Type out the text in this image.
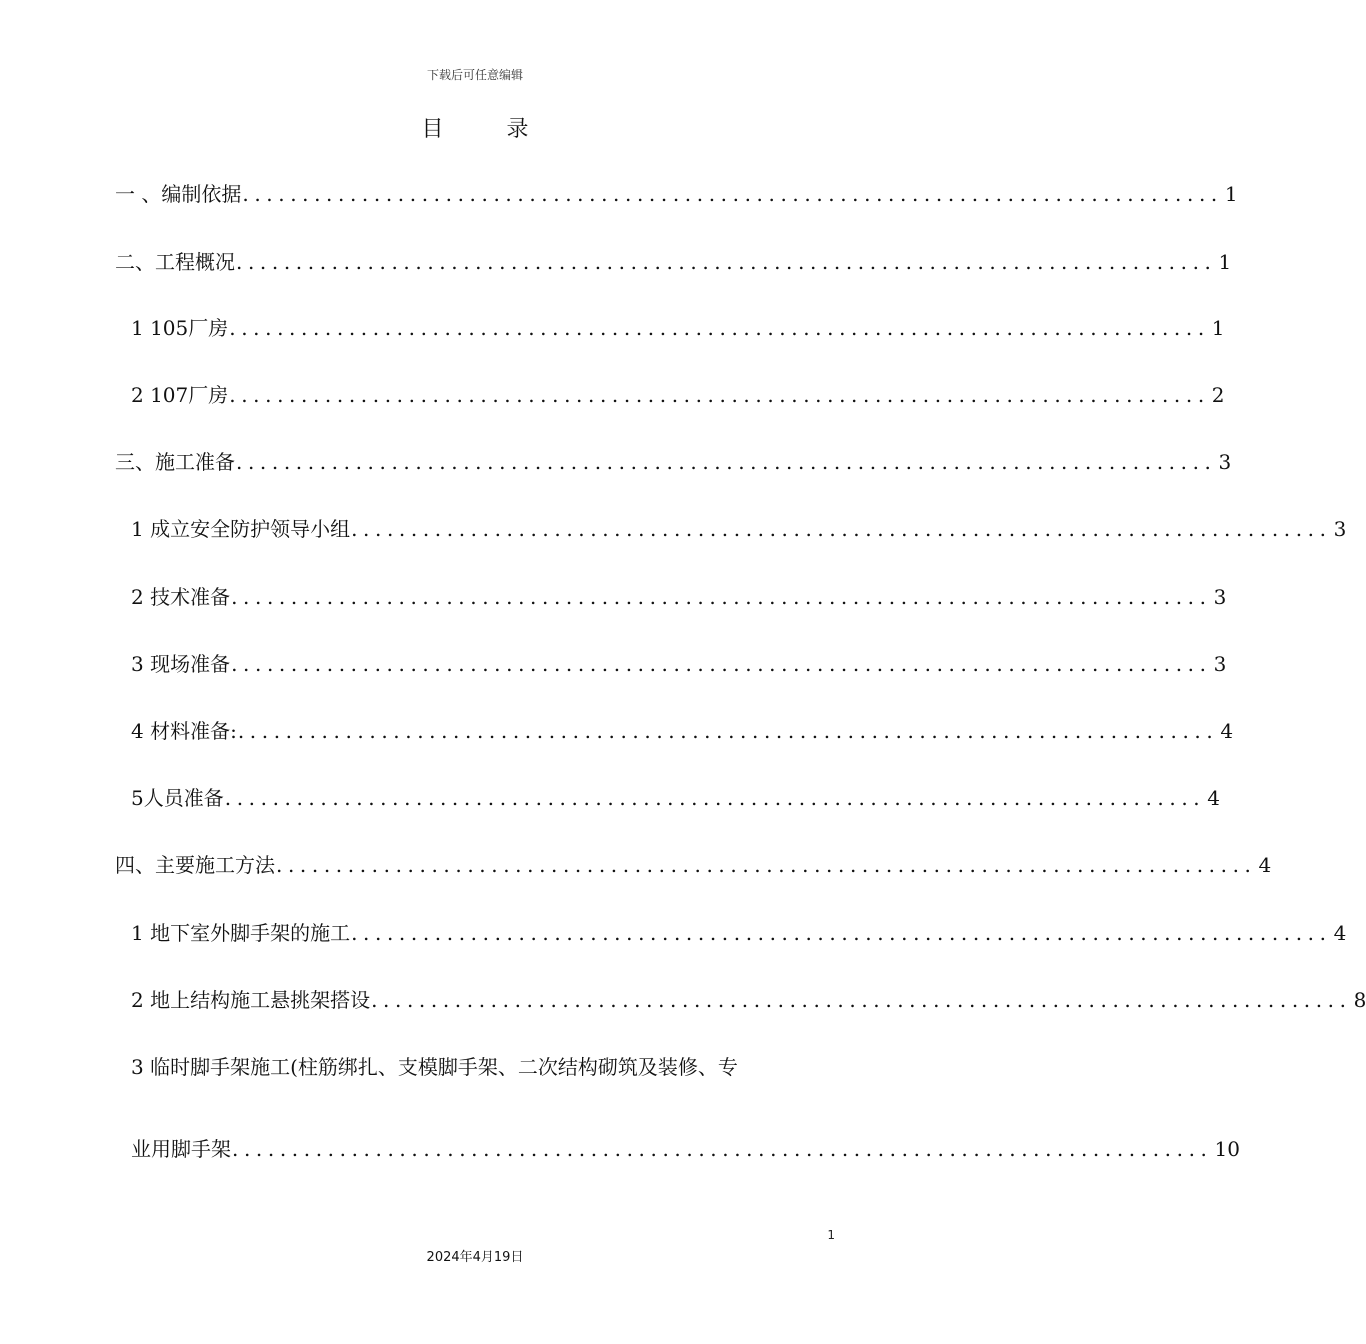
下载后可任意编辑
目 录
一 、编制依据 .................................................................................. 1
二、工程概况 .................................................................................. 1
1 105厂房 .................................................................................. 1
2 107厂房 .................................................................................. 2
三、施工准备 .................................................................................. 3
1 成立安全防护领导小组 .................................................................................. 3
2 技术准备 .................................................................................. 3
3 现场准备 .................................................................................. 3
4 材料准备: .................................................................................. 4
5人员准备 .................................................................................. 4
四、主要施工方法 .................................................................................. 4
1 地下室外脚手架的施工 .................................................................................. 4
2 地上结构施工悬挑架搭设 .................................................................................. 8
3 临时脚手架施工(柱筋绑扎、支模脚手架、二次结构砌筑及装修、专
业用脚手架 .................................................................................. 10
1
2024年4月19日
